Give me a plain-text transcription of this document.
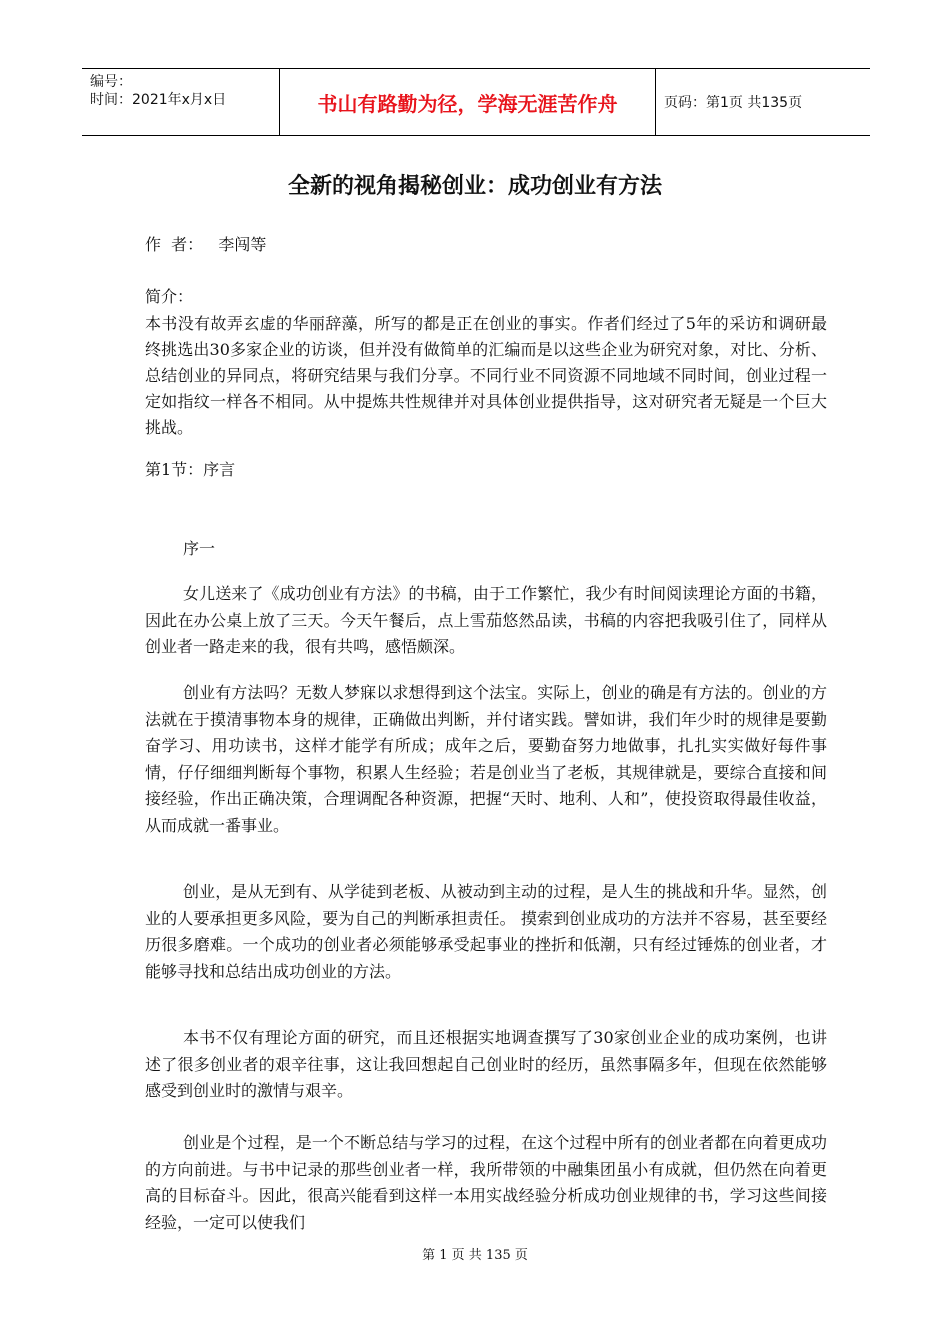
编号：
时间：2021年x月x日	书山有路勤为径，学海无涯苦作舟	页码：第1页 共135页
全新的视角揭秘创业：成功创业有方法
作  者：   李闯等
简介：
本书没有故弄玄虚的华丽辞藻，所写的都是正在创业的事实。作者们经过了5年的采访和调研最终挑选出30多家企业的访谈，但并没有做简单的汇编而是以这些企业为研究对象，对比、分析、总结创业的异同点，将研究结果与我们分享。不同行业不同资源不同地域不同时间，创业过程一定如指纹一样各不相同。从中提炼共性规律并对具体创业提供指导，这对研究者无疑是一个巨大挑战。
第1节：序言
序一
女儿送来了《成功创业有方法》的书稿，由于工作繁忙，我少有时间阅读理论方面的书籍，因此在办公桌上放了三天。今天午餐后，点上雪茄悠然品读，书稿的内容把我吸引住了，同样从创业者一路走来的我，很有共鸣，感悟颇深。
创业有方法吗？无数人梦寐以求想得到这个法宝。实际上，创业的确是有方法的。创业的方法就在于摸清事物本身的规律，正确做出判断，并付诸实践。譬如讲，我们年少时的规律是要勤奋学习、用功读书，这样才能学有所成；成年之后，要勤奋努力地做事，扎扎实实做好每件事情，仔仔细细判断每个事物，积累人生经验；若是创业当了老板，其规律就是，要综合直接和间接经验，作出正确决策，合理调配各种资源，把握“天时、地利、人和”，使投资取得最佳收益，从而成就一番事业。
创业，是从无到有、从学徒到老板、从被动到主动的过程，是人生的挑战和升华。显然，创业的人要承担更多风险，要为自己的判断承担责任。 摸索到创业成功的方法并不容易，甚至要经历很多磨难。一个成功的创业者必须能够承受起事业的挫折和低潮，只有经过锤炼的创业者，才能够寻找和总结出成功创业的方法。
本书不仅有理论方面的研究，而且还根据实地调查撰写了30家创业企业的成功案例，也讲述了很多创业者的艰辛往事，这让我回想起自己创业时的经历，虽然事隔多年，但现在依然能够感受到创业时的激情与艰辛。
创业是个过程，是一个不断总结与学习的过程，在这个过程中所有的创业者都在向着更成功的方向前进。与书中记录的那些创业者一样，我所带领的中融集团虽小有成就，但仍然在向着更高的目标奋斗。因此，很高兴能看到这样一本用实战经验分析成功创业规律的书，学习这些间接经验，一定可以使我们
第 1 页 共 135 页
